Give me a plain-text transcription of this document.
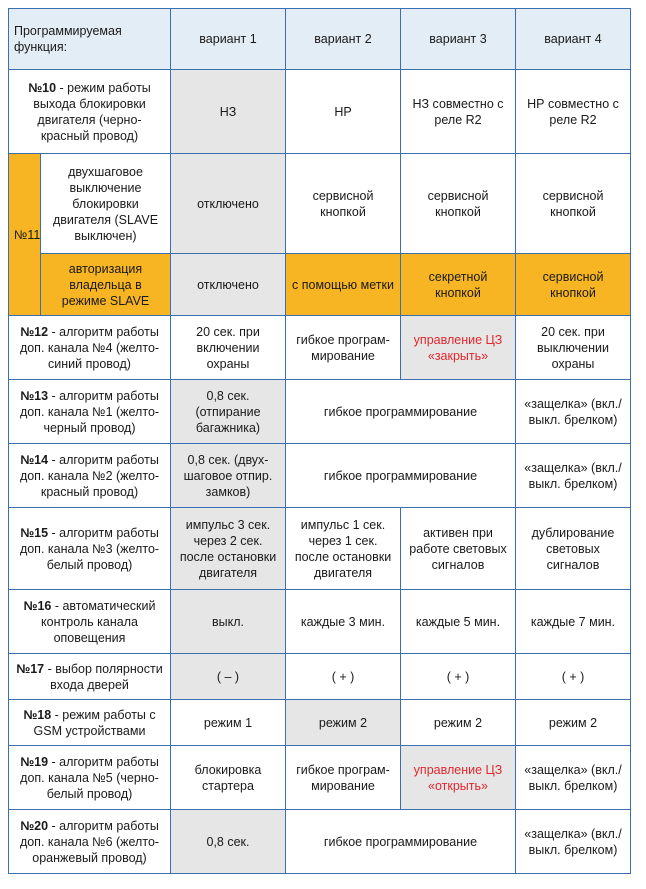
Программируемая функция:		вариант 1	вариант 2	вариант 3	вариант 4
№10 - режим работы выхода блокировки двигателя (черно-красный провод)		НЗ	НР	НЗ совместно с реле R2	НР совместно с реле R2
№11	двухшаговое выключение блокировки двигателя (SLAVE выключен)	отключено	сервисной кнопкой	сервисной кнопкой	сервисной кнопкой
	авторизация владельца в режиме SLAVE	отключено	с помощью метки	секретной кнопкой	сервисной кнопкой
№12 - алгоритм работы доп. канала №4 (желто-синий провод)		20 сек. при включении охраны	гибкое програм-мирование	управление ЦЗ «закрыть»	20 сек. при выключении охраны
№13 - алгоритм работы доп. канала №1 (желто-черный провод)		0,8 сек. (отпирание багажника)	гибкое программирование		«защелка» (вкл./выкл. брелком)
№14 - алгоритм работы доп. канала №2 (желто-красный провод)		0,8 сек. (двух-шаговое отпир. замков)	гибкое программирование		«защелка» (вкл./выкл. брелком)
№15 - алгоритм работы доп. канала №3 (желто-белый провод)		импульс 3 сек. через 2 сек. после остановки двигателя	импульс 1 сек. через 1 сек. после остановки двигателя	активен при работе световых сигналов	дублирование световых сигналов
№16 - автоматический контроль канала оповещения		выкл.	каждые 3 мин.	каждые 5 мин.	каждые 7 мин.
№17 - выбор полярности входа дверей		( – )	( + )	( + )	( + )
№18 - режим работы с GSM устройствами		режим 1	режим 2	режим 2	режим 2
№19 - алгоритм работы доп. канала №5 (черно-белый провод)		блокировка стартера	гибкое програм-мирование	управление ЦЗ «открыть»	«защелка» (вкл./выкл. брелком)
№20 - алгоритм работы доп. канала №6 (желто-оранжевый провод)		0,8 сек.	гибкое программирование		«защелка» (вкл./выкл. брелком)
